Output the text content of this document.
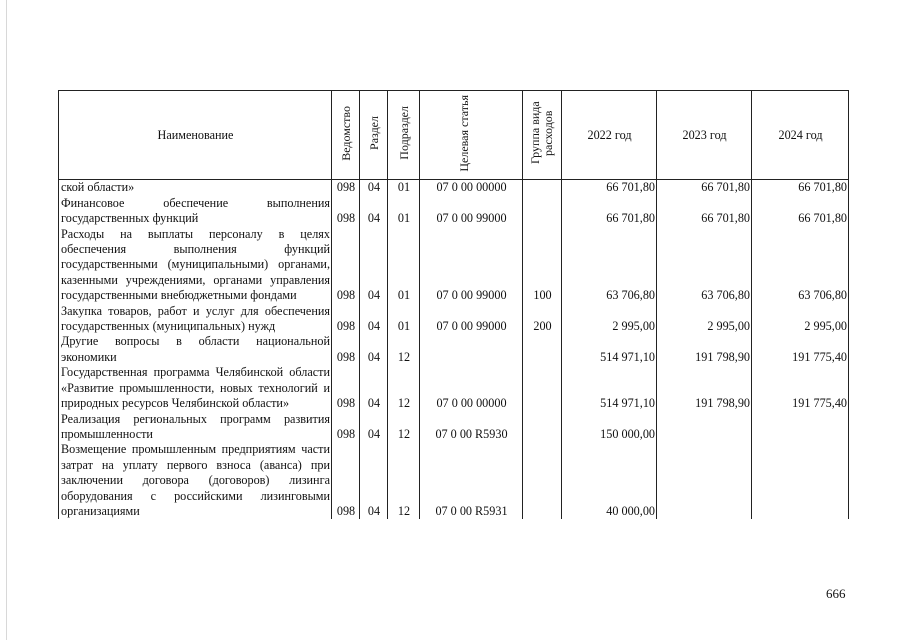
Наименование	Ведомство	Раздел	Подраздел	Целевая статья	Группа вида расходов	2022 год	2023 год	2024 год
ской области»	098	04	01	07 0 00 00000		66 701,80	66 701,80	66 701,80
Финансовое обеспечение выполнения государственных функций	098	04	01	07 0 00 99000		66 701,80	66 701,80	66 701,80
Расходы на выплаты персоналу в целях обеспечения выполнения функций государственными (муниципальными) органами, казенными учреждениями, органами управления государственными внебюджетными фондами	098	04	01	07 0 00 99000	100	63 706,80	63 706,80	63 706,80
Закупка товаров, работ и услуг для обеспечения государственных (муниципальных) нужд	098	04	01	07 0 00 99000	200	2 995,00	2 995,00	2 995,00
Другие вопросы в области национальной экономики	098	04	12			514 971,10	191 798,90	191 775,40
Государственная программа Челябинской области «Развитие промышленности, новых технологий и природных ресурсов Челябинской области»	098	04	12	07 0 00 00000		514 971,10	191 798,90	191 775,40
Реализация региональных программ развития промышленности	098	04	12	07 0 00 R5930		150 000,00		
Возмещение промышленным предприятиям части затрат на уплату первого взноса (аванса) при заключении договора (договоров) лизинга оборудования с российскими лизинговыми организациями	098	04	12	07 0 00 R5931		40 000,00		
666
